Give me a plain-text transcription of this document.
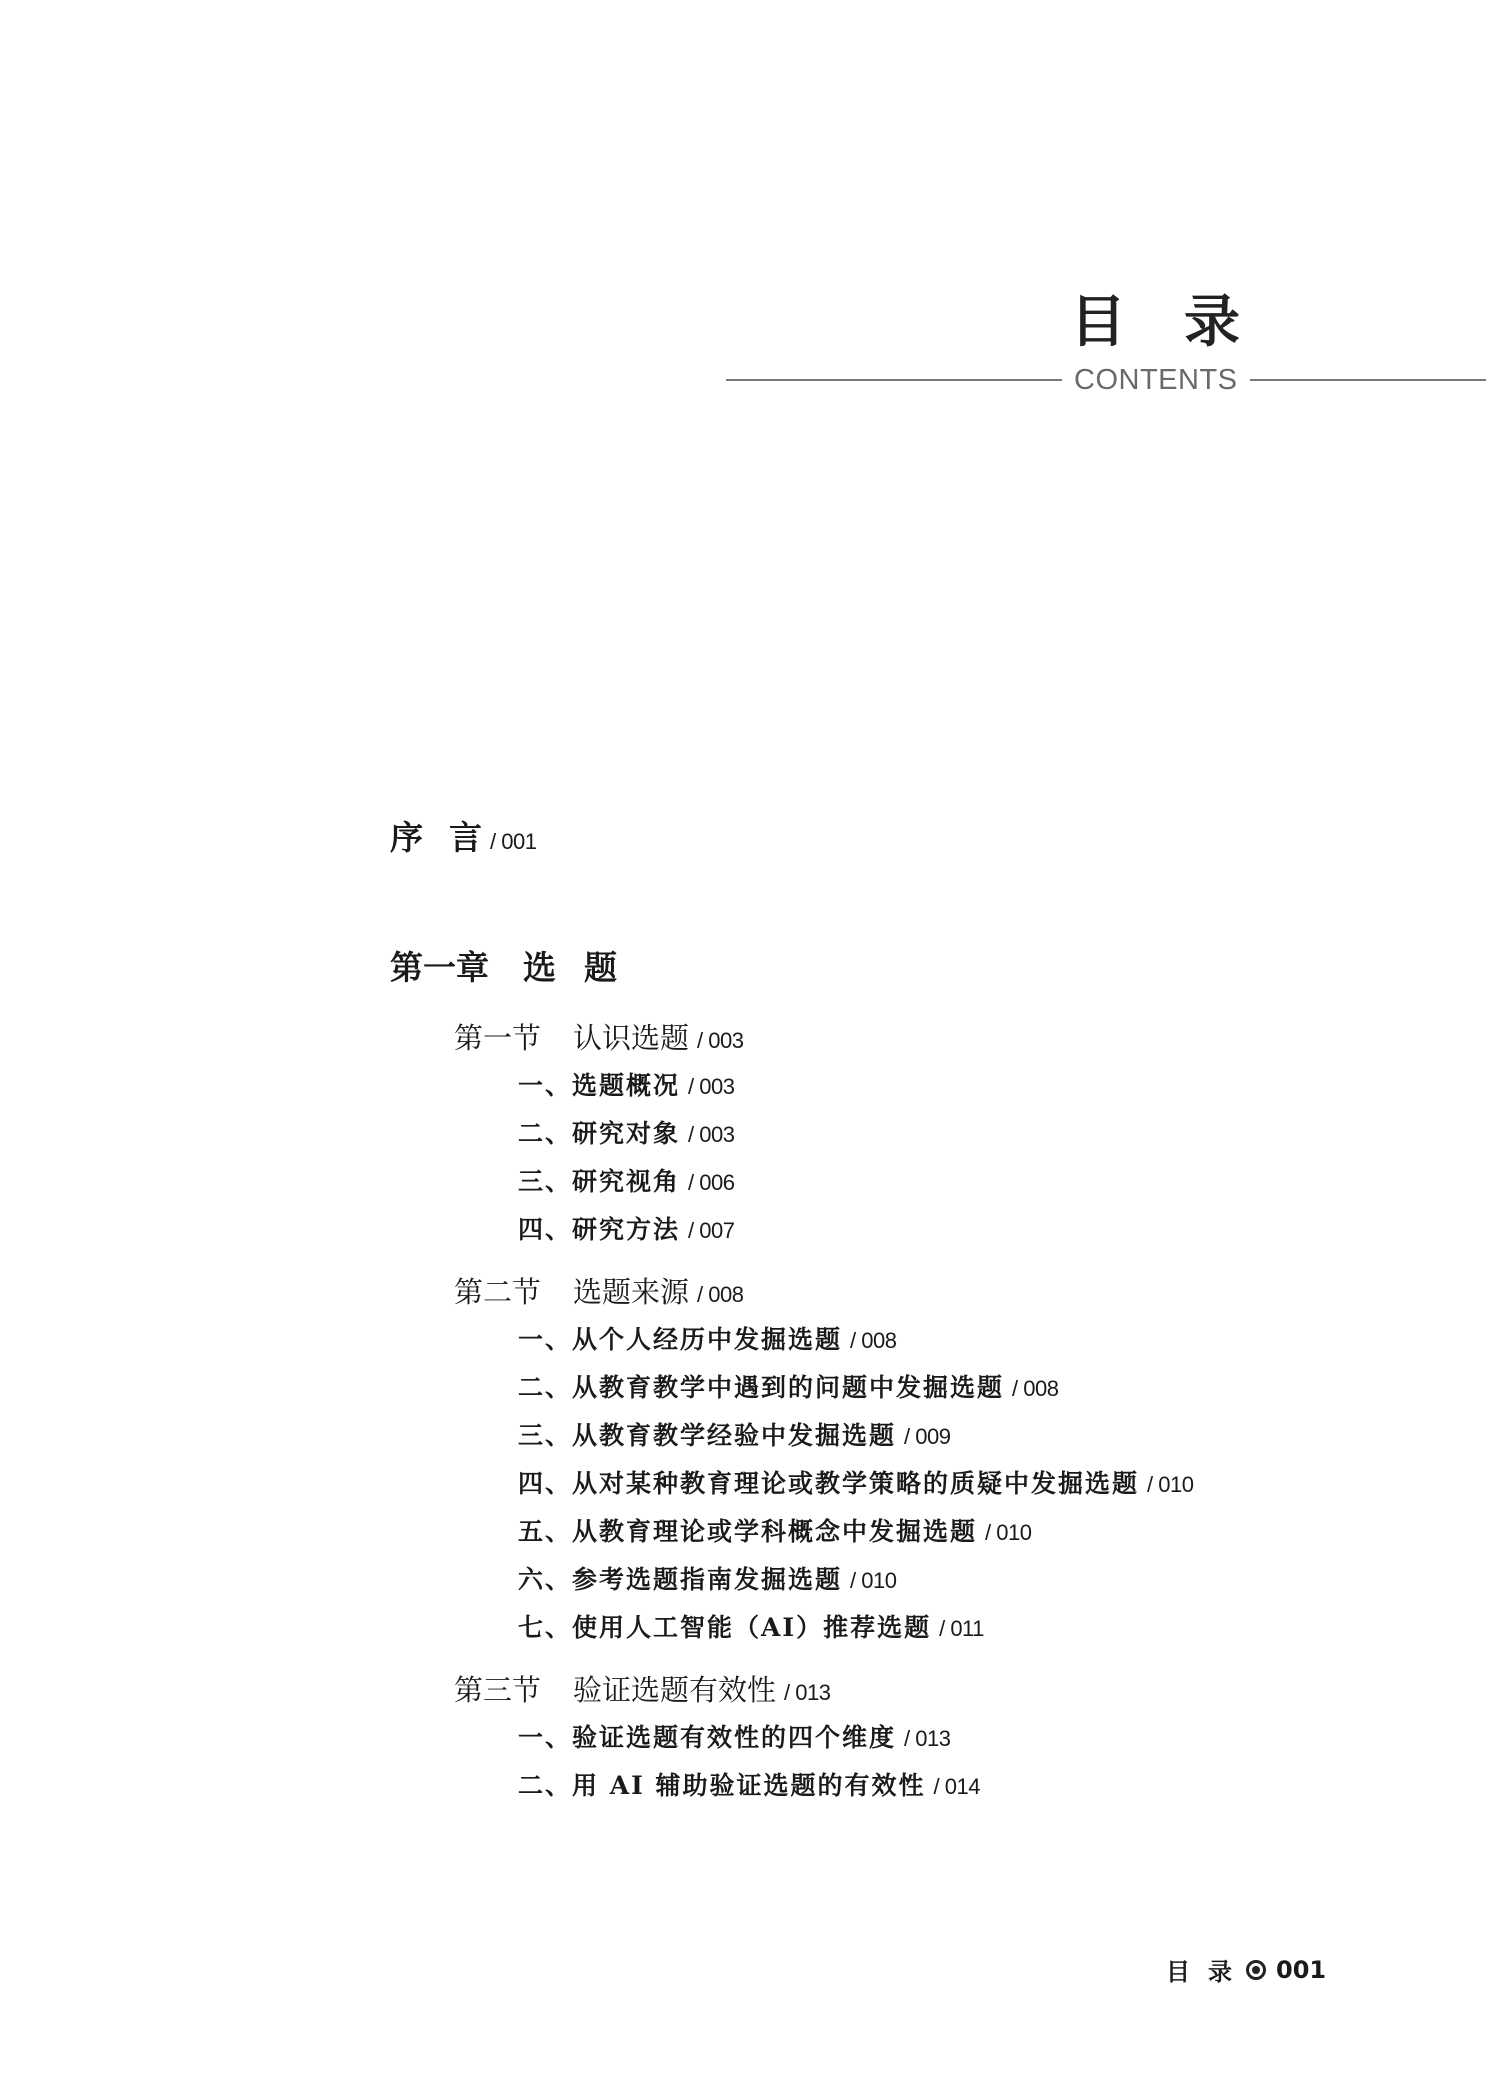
目 录
CONTENTS
序 言 / 001
第一章 选 题
第一节 认识选题 / 003
一、选题概况 / 003
二、研究对象 / 003
三、研究视角 / 006
四、研究方法 / 007
第二节 选题来源 / 008
一、从个人经历中发掘选题 / 008
二、从教育教学中遇到的问题中发掘选题 / 008
三、从教育教学经验中发掘选题 / 009
四、从对某种教育理论或教学策略的质疑中发掘选题 / 010
五、从教育理论或学科概念中发掘选题 / 010
六、参考选题指南发掘选题 / 010
七、使用人工智能（AI）推荐选题 / 011
第三节 验证选题有效性 / 013
一、验证选题有效性的四个维度 / 013
二、用 AI 辅助验证选题的有效性 / 014
目 录 001
